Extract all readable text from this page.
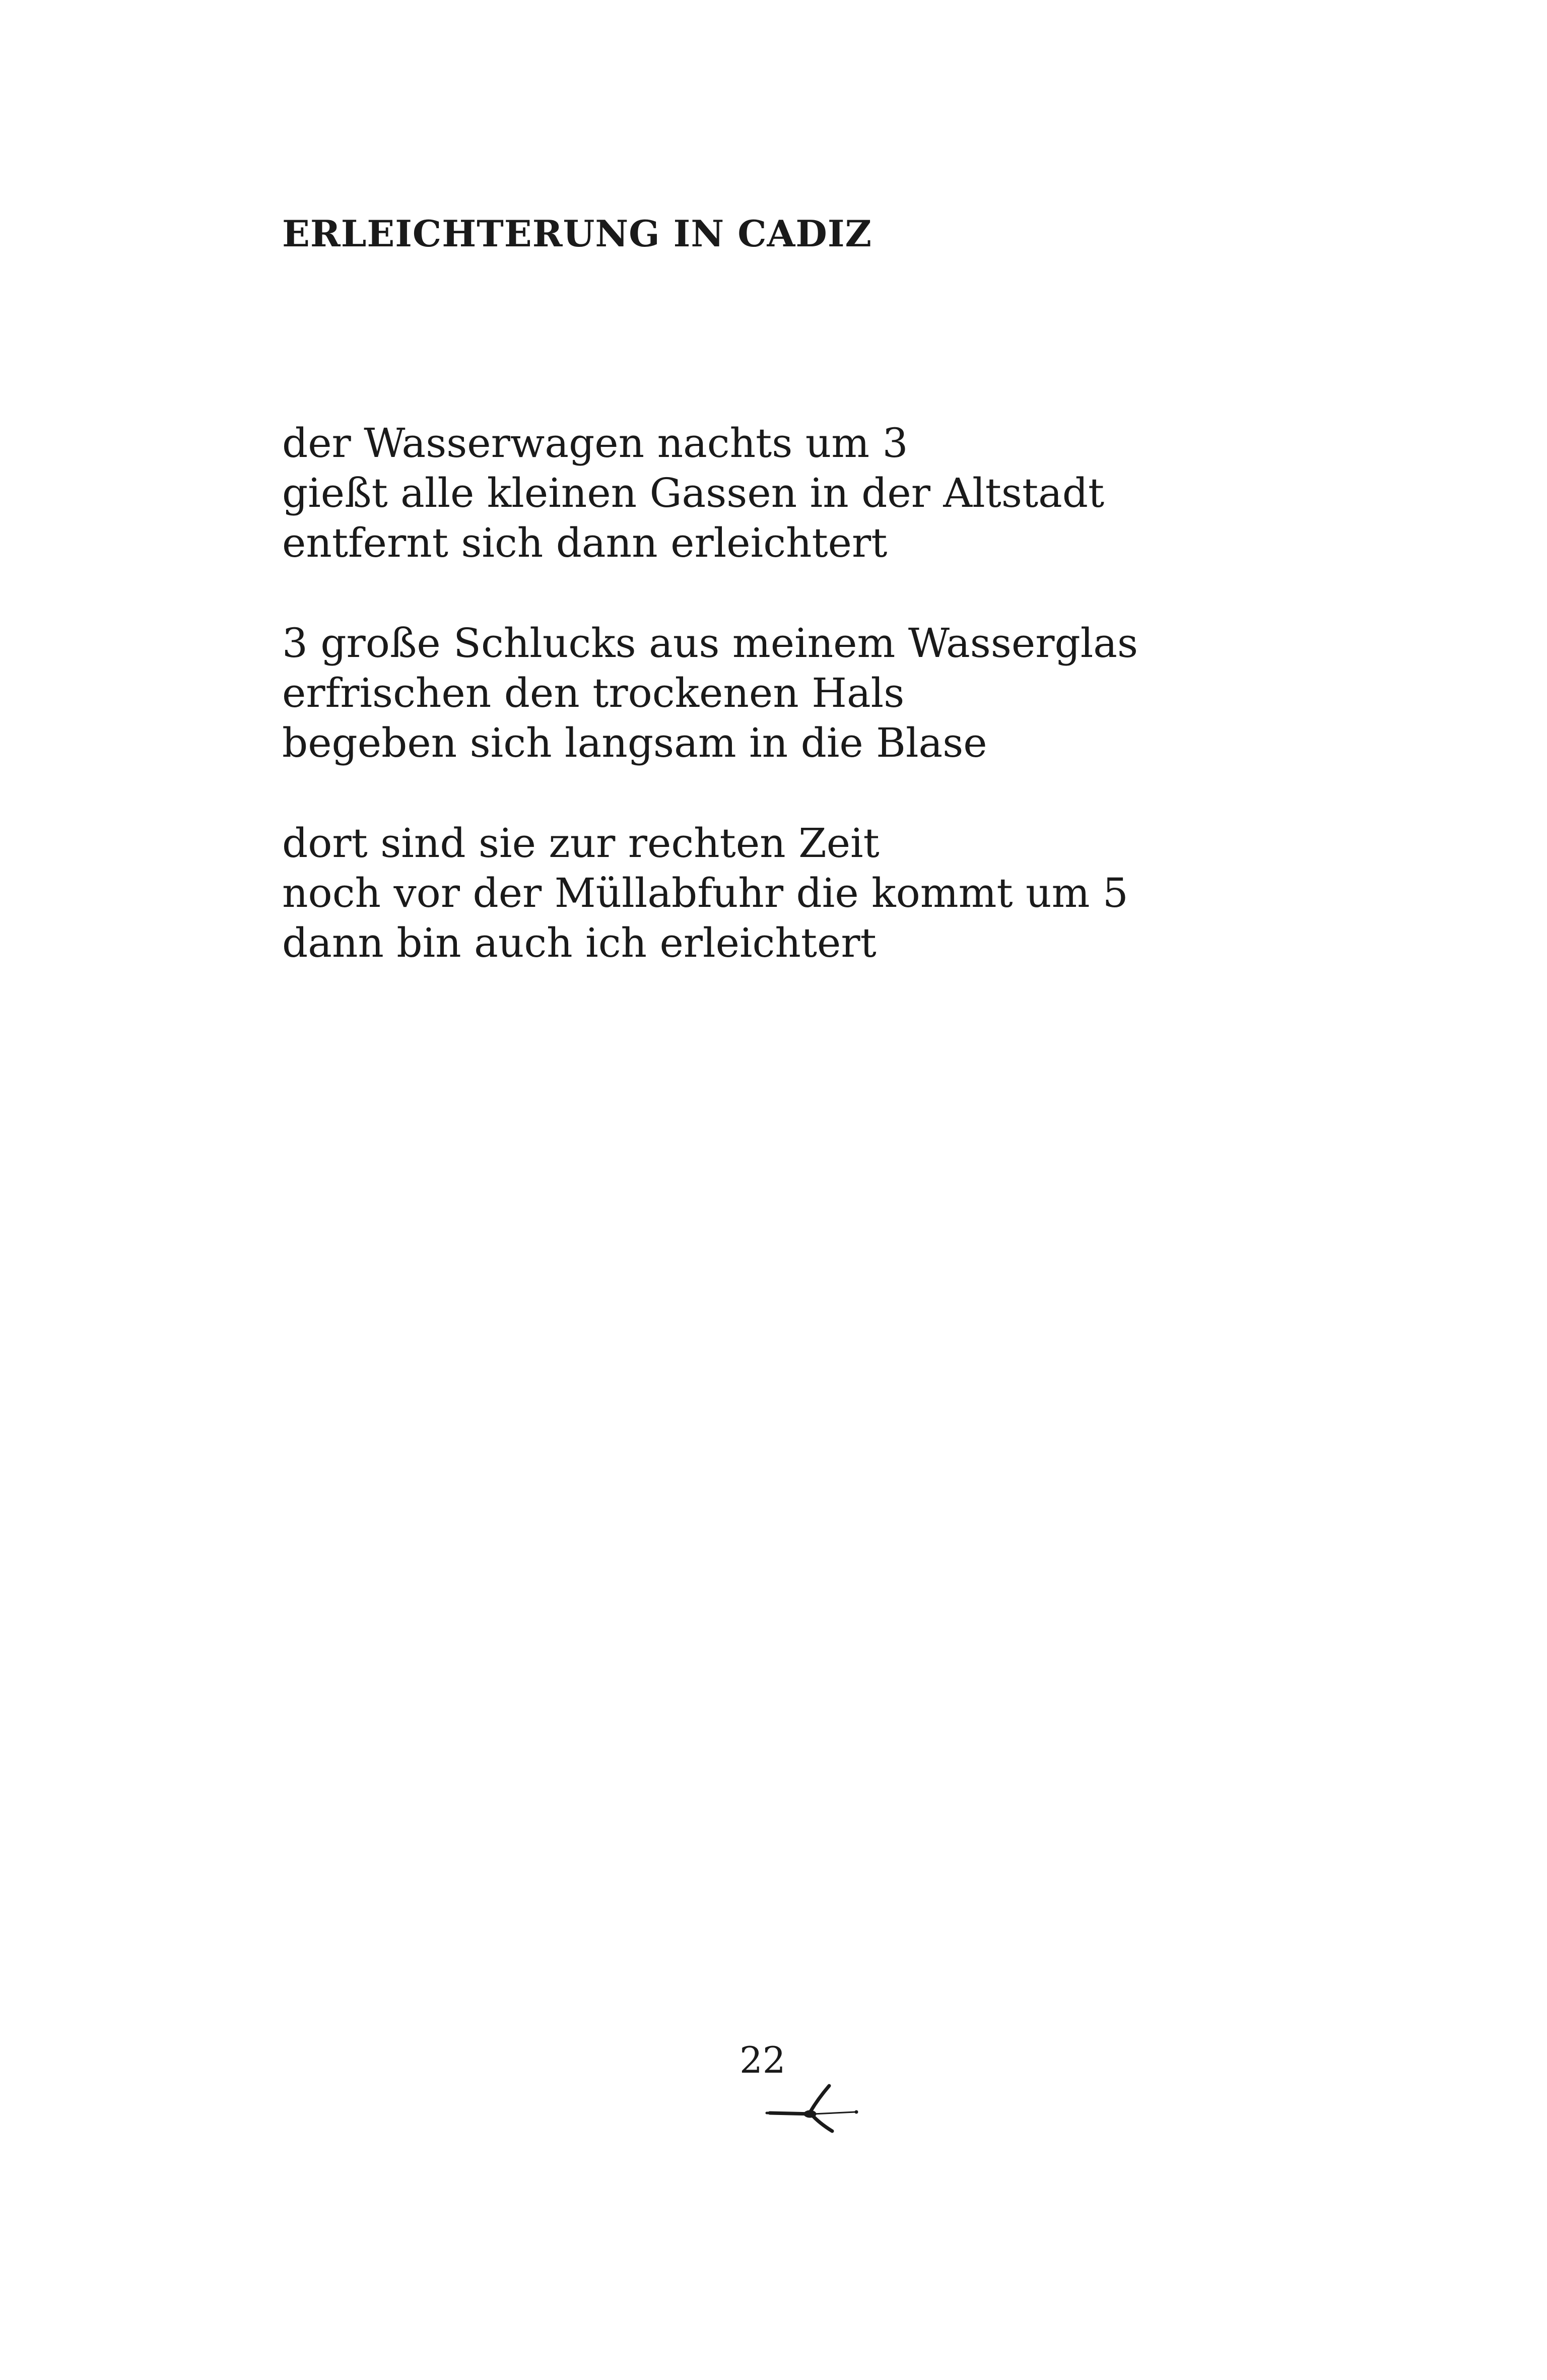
ERLEICHTERUNG IN CADIZ

der Wasserwagen nachts um 3
gießt alle kleinen Gassen in der Altstadt
entfernt sich dann erleichtert

3 große Schlucks aus meinem Wasserglas
erfrischen den trockenen Hals
begeben sich langsam in die Blase

dort sind sie zur rechten Zeit
noch vor der Müllabfuhr die kommt um 5
dann bin auch ich erleichtert

22
